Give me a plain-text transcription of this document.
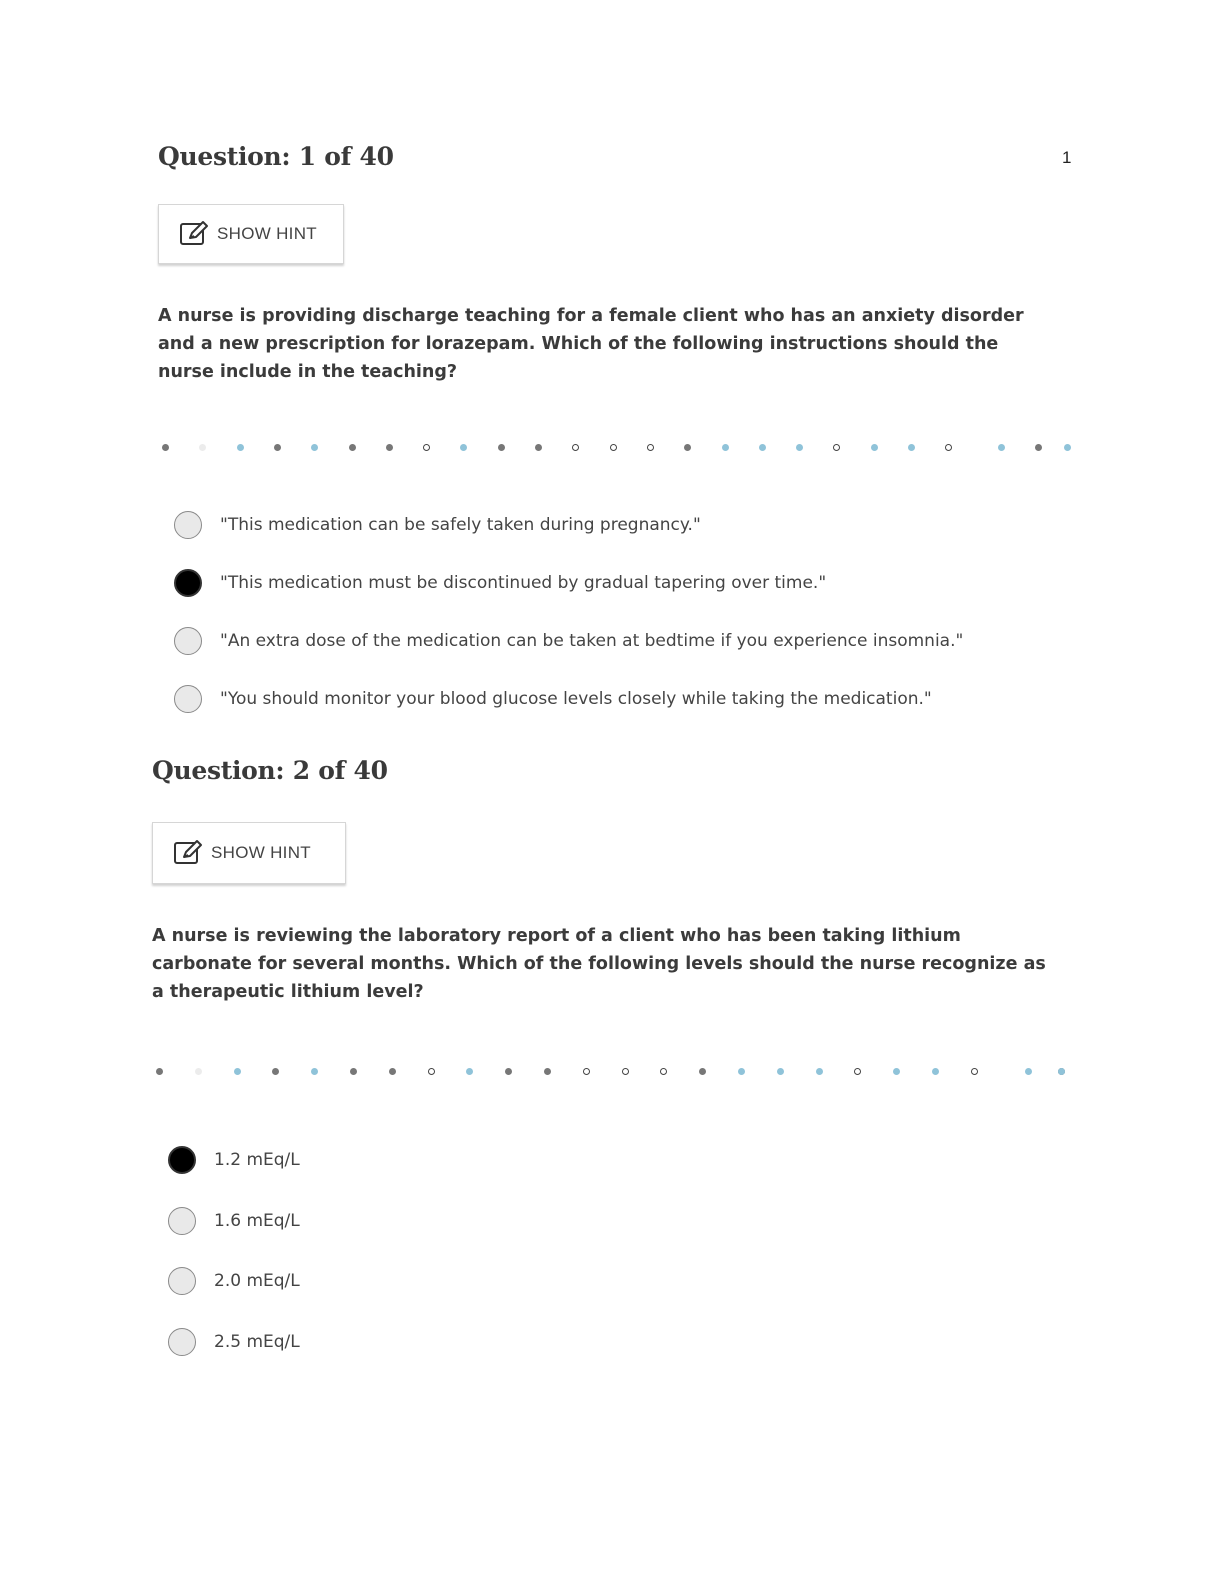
1
Question: 1 of 40
SHOW HINT
A nurse is providing discharge teaching for a female client who has an anxiety disorder and a new prescription for lorazepam. Which of the following instructions should the nurse include in the teaching?
"This medication can be safely taken during pregnancy."
"This medication must be discontinued by gradual tapering over time."
"An extra dose of the medication can be taken at bedtime if you experience insomnia."
"You should monitor your blood glucose levels closely while taking the medication."
Question: 2 of 40
SHOW HINT
A nurse is reviewing the laboratory report of a client who has been taking lithium carbonate for several months. Which of the following levels should the nurse recognize as a therapeutic lithium level?
1.2 mEq/L
1.6 mEq/L
2.0 mEq/L
2.5 mEq/L
